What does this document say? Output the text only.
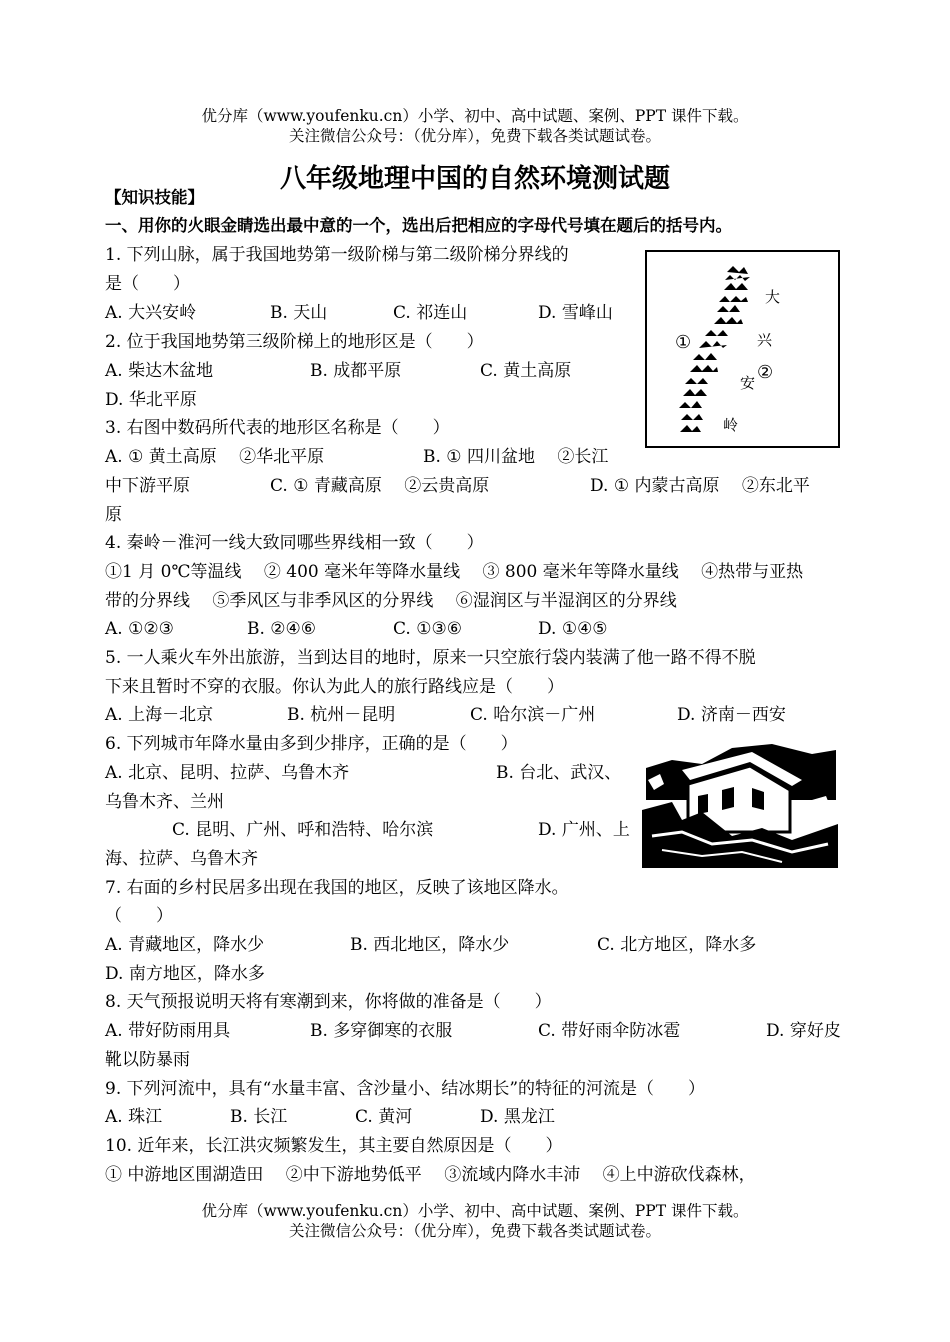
优分库（www.youfenku.cn）小学、初中、高中试题、案例、PPT 课件下载。
关注微信公众号：（优分库），免费下载各类试题试卷。
八年级地理中国的自然环境测试题
【知识技能】
一、用你的火眼金睛选出最中意的一个，选出后把相应的字母代号填在题后的括号内。
1. 下列山脉，属于我国地势第一级阶梯与第二级阶梯分界线的
是（　　）
A. 大兴安岭	B. 天山	C. 祁连山	D. 雪峰山
2. 位于我国地势第三级阶梯上的地形区是（　　）
A. 柴达木盆地	B. 成都平原	C. 黄土高原
D. 华北平原
3. 右图中数码所代表的地形区名称是（　　）
A. ① 黄土高原　 ②华北平原	B. ① 四川盆地　 ②长江
中下游平原	C. ① 青藏高原　 ②云贵高原	D. ① 内蒙古高原　 ②东北平
原
4. 秦岭－淮河一线大致同哪些界线相一致（　　）
①1 月 0℃等温线　 ② 400 毫米年等降水量线　 ③ 800 毫米年等降水量线　 ④热带与亚热
带的分界线　 ⑤季风区与非季风区的分界线　 ⑥湿润区与半湿润区的分界线
A. ①②③	B. ②④⑥	C. ①③⑥	D. ①④⑤
5. 一人乘火车外出旅游，当到达目的地时，原来一只空旅行袋内装满了他一路不得不脱
下来且暂时不穿的衣服。你认为此人的旅行路线应是（　　）
A. 上海－北京	B. 杭州－昆明	C. 哈尔滨－广州	D. 济南－西安
6. 下列城市年降水量由多到少排序，正确的是（　　）
A. 北京、昆明、拉萨、乌鲁木齐	B. 台北、武汉、
乌鲁木齐、兰州
C. 昆明、广州、呼和浩特、哈尔滨	D. 广州、上
海、拉萨、乌鲁木齐
7. 右面的乡村民居多出现在我国的地区，反映了该地区降水。
（　　）
A. 青藏地区，降水少	B. 西北地区，降水少	C. 北方地区，降水多
D. 南方地区，降水多
8. 天气预报说明天将有寒潮到来，你将做的准备是（　　）
A. 带好防雨用具	B. 多穿御寒的衣服	C. 带好雨伞防冰雹	D. 穿好皮
靴以防暴雨
9. 下列河流中，具有“水量丰富、含沙量小、结冰期长”的特征的河流是（　　）
A. 珠江	B. 长江	C. 黄河	D. 黑龙江
10. 近年来，长江洪灾频繁发生，其主要自然原因是（　　）
① 中游地区围湖造田　 ②中下游地势低平　 ③流域内降水丰沛　 ④上中游砍伐森林，
大
兴
安
岭
①
②
优分库（www.youfenku.cn）小学、初中、高中试题、案例、PPT 课件下载。
关注微信公众号：（优分库），免费下载各类试题试卷。
